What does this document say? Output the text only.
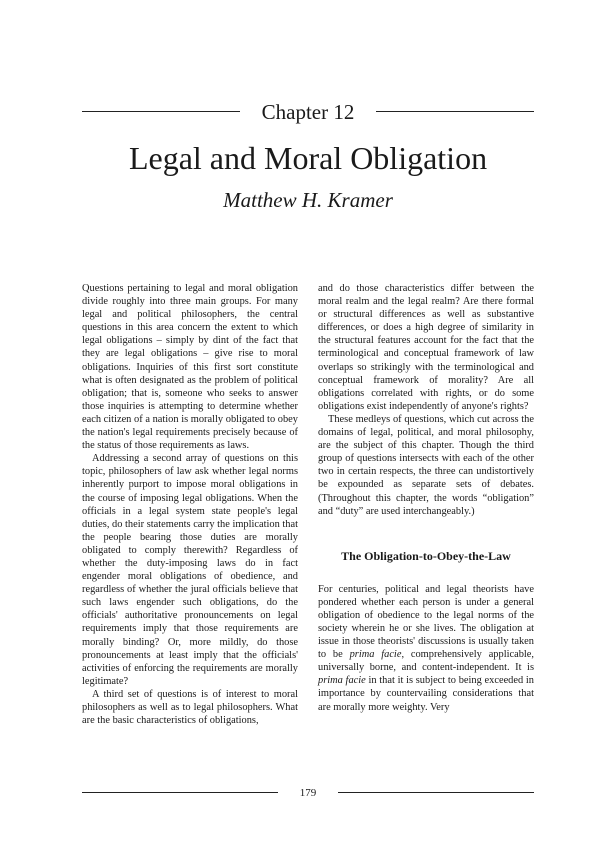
Chapter 12
Legal and Moral Obligation
Matthew H. Kramer

Questions pertaining to legal and moral obligation divide roughly into three main groups. For many legal and political philosophers, the central questions in this area concern the extent to which legal obligations – simply by dint of the fact that they are legal obligations – give rise to moral obligations. Inquiries of this first sort constitute what is often designated as the problem of political obligation; that is, someone who seeks to answer those inquiries is attempting to determine whether each citizen of a nation is morally obligated to obey the nation's legal requirements precisely because of the status of those requirements as laws.

Addressing a second array of questions on this topic, philosophers of law ask whether legal norms inherently purport to impose moral obligations in the course of imposing legal obligations. When the officials in a legal system state people's legal duties, do their statements carry the implication that the people bearing those duties are morally obligated to comply therewith? Regardless of whether the duty-imposing laws do in fact engender moral obligations of obedience, and regardless of whether the jural officials believe that such laws engender such obligations, do the officials' authoritative pronouncements on legal requirements imply that those requirements are morally binding? Or, more mildly, do those pronouncements at least imply that the officials' activities of enforcing the requirements are morally legitimate?

A third set of questions is of interest to moral philosophers as well as to legal philosophers. What are the basic characteristics of obligations,

and do those characteristics differ between the moral realm and the legal realm? Are there formal or structural differences as well as substantive differences, or does a high degree of similarity in the structural features account for the fact that the terminological and conceptual framework of law overlaps so strikingly with the terminological and conceptual framework of morality? Are all obligations correlated with rights, or do some obligations exist independently of anyone's rights?

These medleys of questions, which cut across the domains of legal, political, and moral philosophy, are the subject of this chapter. Though the third group of questions intersects with each of the other two in certain respects, the three can undistortively be expounded as separate sets of debates. (Throughout this chapter, the words “obligation” and “duty” are used interchangeably.)

The Obligation-to-Obey-the-Law

For centuries, political and legal theorists have pondered whether each person is under a general obligation of obedience to the legal norms of the society wherein he or she lives. The obligation at issue in those theorists' discussions is usually taken to be prima facie, comprehensively applicable, universally borne, and content-independent. It is prima facie in that it is subject to being exceeded in importance by countervailing considerations that are morally more weighty. Very

179
